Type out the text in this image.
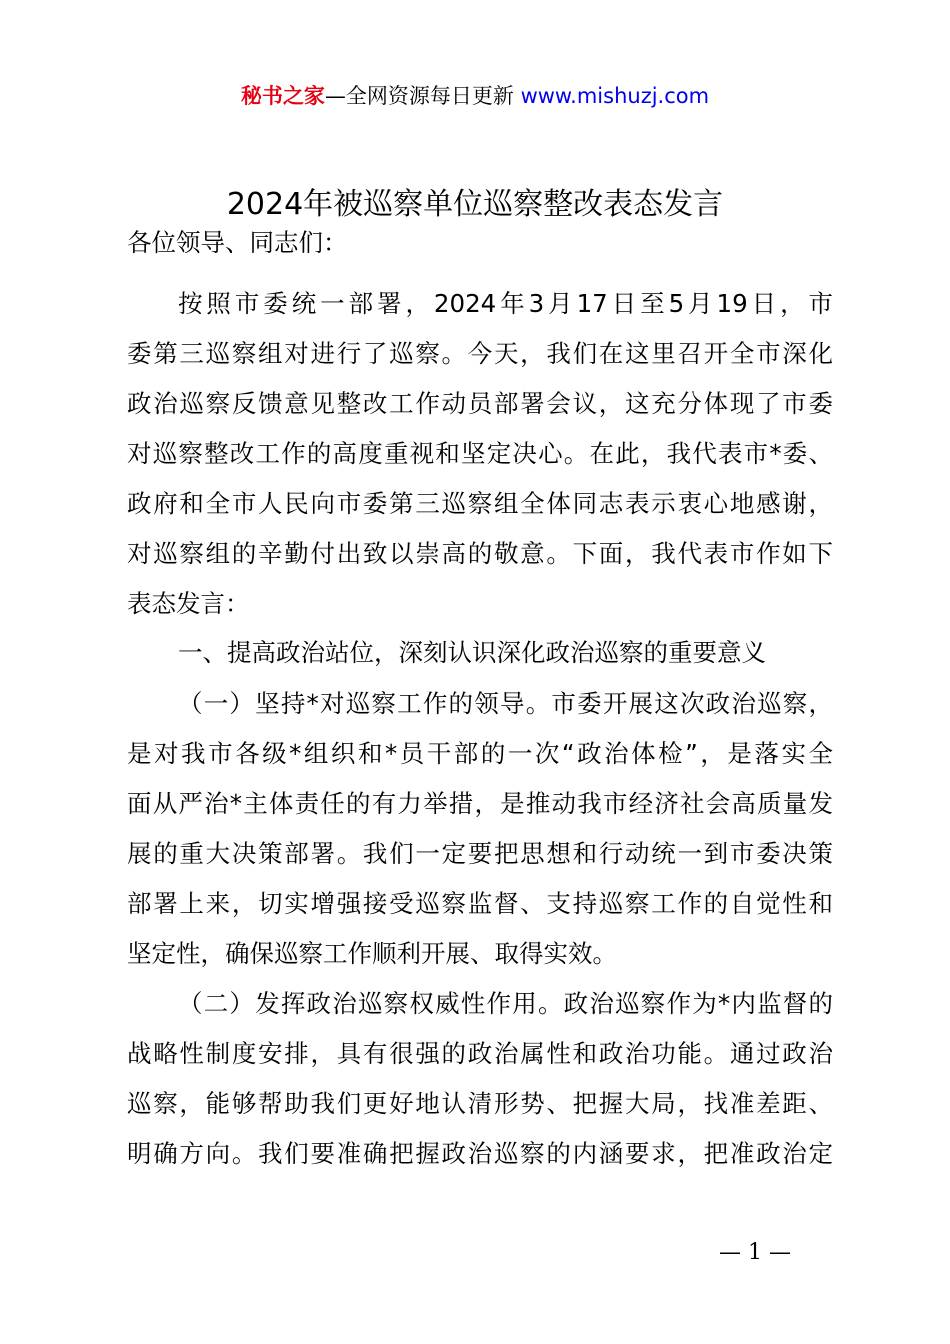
秘书之家—全网资源每日更新 www.mishuzj.com
2024年被巡察单位巡察整改表态发言
各位领导、同志们：
按照市委统一部署，2024年3月17日至5月19日，市
委第三巡察组对进行了巡察。今天，我们在这里召开全市深化
政治巡察反馈意见整改工作动员部署会议，这充分体现了市委
对巡察整改工作的高度重视和坚定决心。在此，我代表市*委、
政府和全市人民向市委第三巡察组全体同志表示衷心地感谢，
对巡察组的辛勤付出致以崇高的敬意。下面，我代表市作如下
表态发言：
一、提高政治站位，深刻认识深化政治巡察的重要意义
（一）坚持*对巡察工作的领导。市委开展这次政治巡察，
是对我市各级*组织和*员干部的一次“政治体检”，是落实全
面从严治*主体责任的有力举措，是推动我市经济社会高质量发
展的重大决策部署。我们一定要把思想和行动统一到市委决策
部署上来，切实增强接受巡察监督、支持巡察工作的自觉性和
坚定性，确保巡察工作顺利开展、取得实效。
（二）发挥政治巡察权威性作用。政治巡察作为*内监督的
战略性制度安排，具有很强的政治属性和政治功能。通过政治
巡察，能够帮助我们更好地认清形势、把握大局，找准差距、
明确方向。我们要准确把握政治巡察的内涵要求，把准政治定
— 1 —
